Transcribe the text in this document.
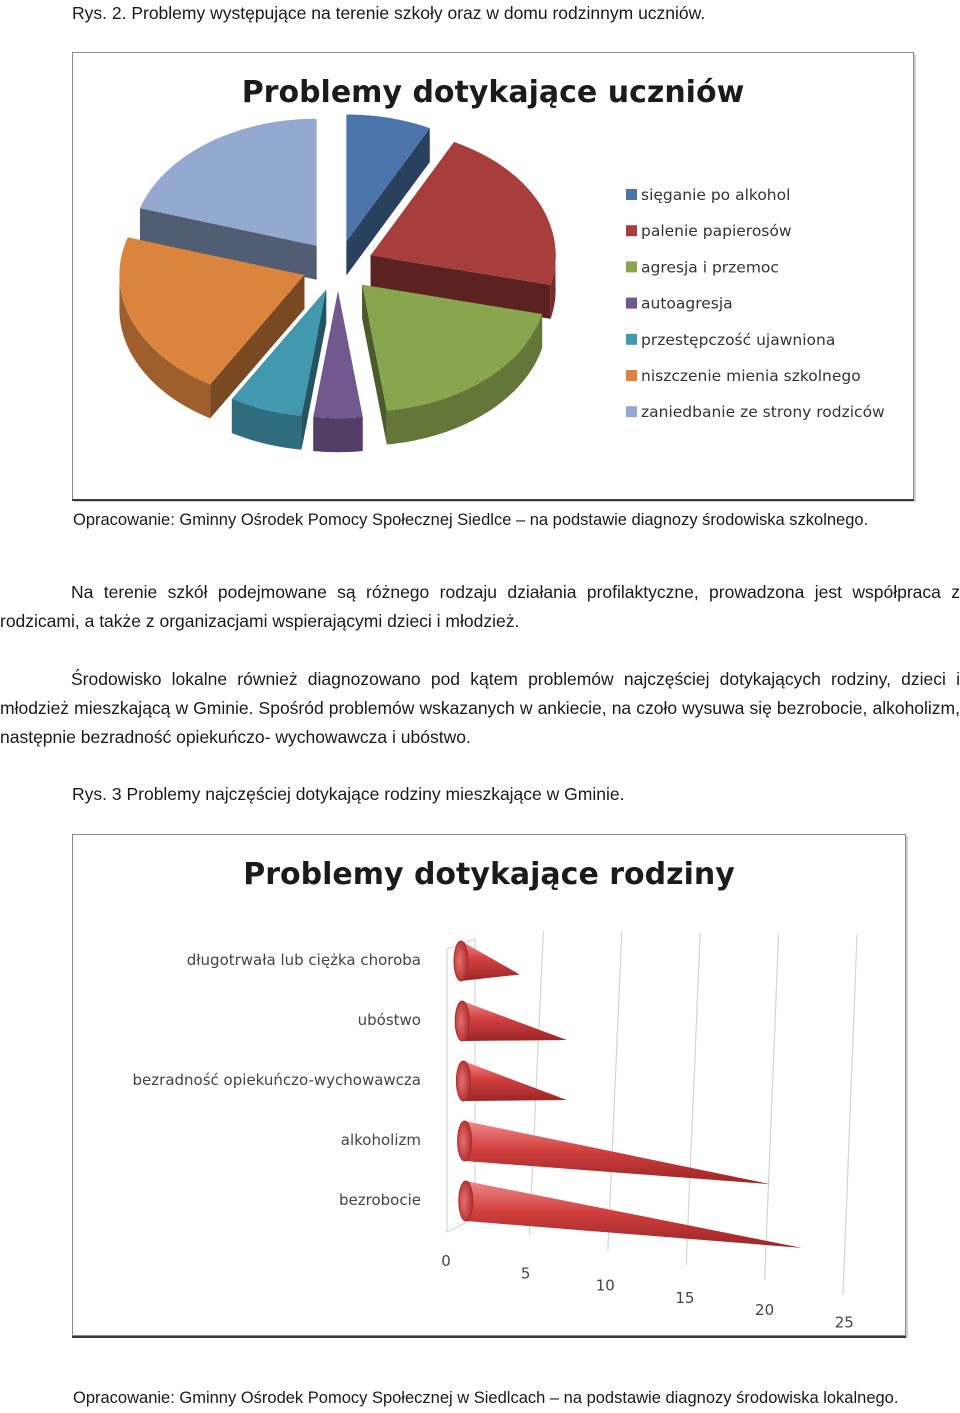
Rys. 2. Problemy występujące na terenie szkoły oraz w domu rodzinnym uczniów.
Problemy dotykające uczniów
sięganie po alkohol
palenie papierosów
agresja i przemoc
autoagresja
przestępczość ujawniona
niszczenie mienia szkolnego
zaniedbanie ze strony rodziców
Opracowanie: Gminny Ośrodek Pomocy Społecznej Siedlce – na podstawie diagnozy środowiska szkolnego.
Na terenie szkół podejmowane są różnego rodzaju działania profilaktyczne, prowadzona jest współpraca z rodzicami, a także z organizacjami wspierającymi dzieci i młodzież.
Środowisko lokalne również diagnozowano pod kątem problemów najczęściej dotykających rodziny, dzieci i młodzież mieszkającą w Gminie. Spośród problemów wskazanych w ankiecie, na czoło wysuwa się bezrobocie, alkoholizm, następnie bezradność opiekuńczo- wychowawcza i ubóstwo.
Rys. 3 Problemy najczęściej dotykające rodziny mieszkające w Gminie.
Problemy dotykające rodziny
długotrwała lub ciężka choroba
ubóstwo
bezradność opiekuńczo-wychowawcza
alkoholizm
bezrobocie
0
5
10
15
20
25
Opracowanie: Gminny Ośrodek Pomocy Społecznej w Siedlcach – na podstawie diagnozy środowiska lokalnego.
